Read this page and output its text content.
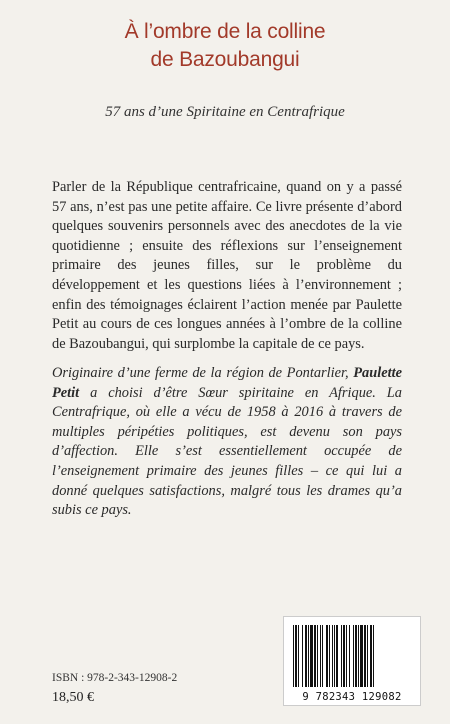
À l’ombre de la colline
de Bazoubangui
57 ans d’une Spiritaine en Centrafrique

Parler de la République centrafricaine, quand on y a passé 57 ans, n’est pas une petite affaire. Ce livre présente d’abord quelques souvenirs personnels avec des anecdotes de la vie quotidienne ; ensuite des réflexions sur l’enseignement primaire des jeunes filles, sur le problème du développement et les questions liées à l’environnement ; enfin des témoignages éclairent l’action menée par Paulette Petit au cours de ces longues années à l’ombre de la colline de Bazoubangui, qui surplombe la capitale de ce pays.

Originaire d’une ferme de la région de Pontarlier, Paulette Petit a choisi d’être Sœur spiritaine en Afrique. La Centrafrique, où elle a vécu de 1958 à 2016 à travers de multiples péripéties politiques, est devenu son pays d’affection. Elle s’est essentiellement occupée de l’enseignement primaire des jeunes filles – ce qui lui a donné quelques satisfactions, malgré tous les drames qu’a subis ce pays.

ISBN : 978-2-343-12908-2
18,50 €	9 782343 129082
